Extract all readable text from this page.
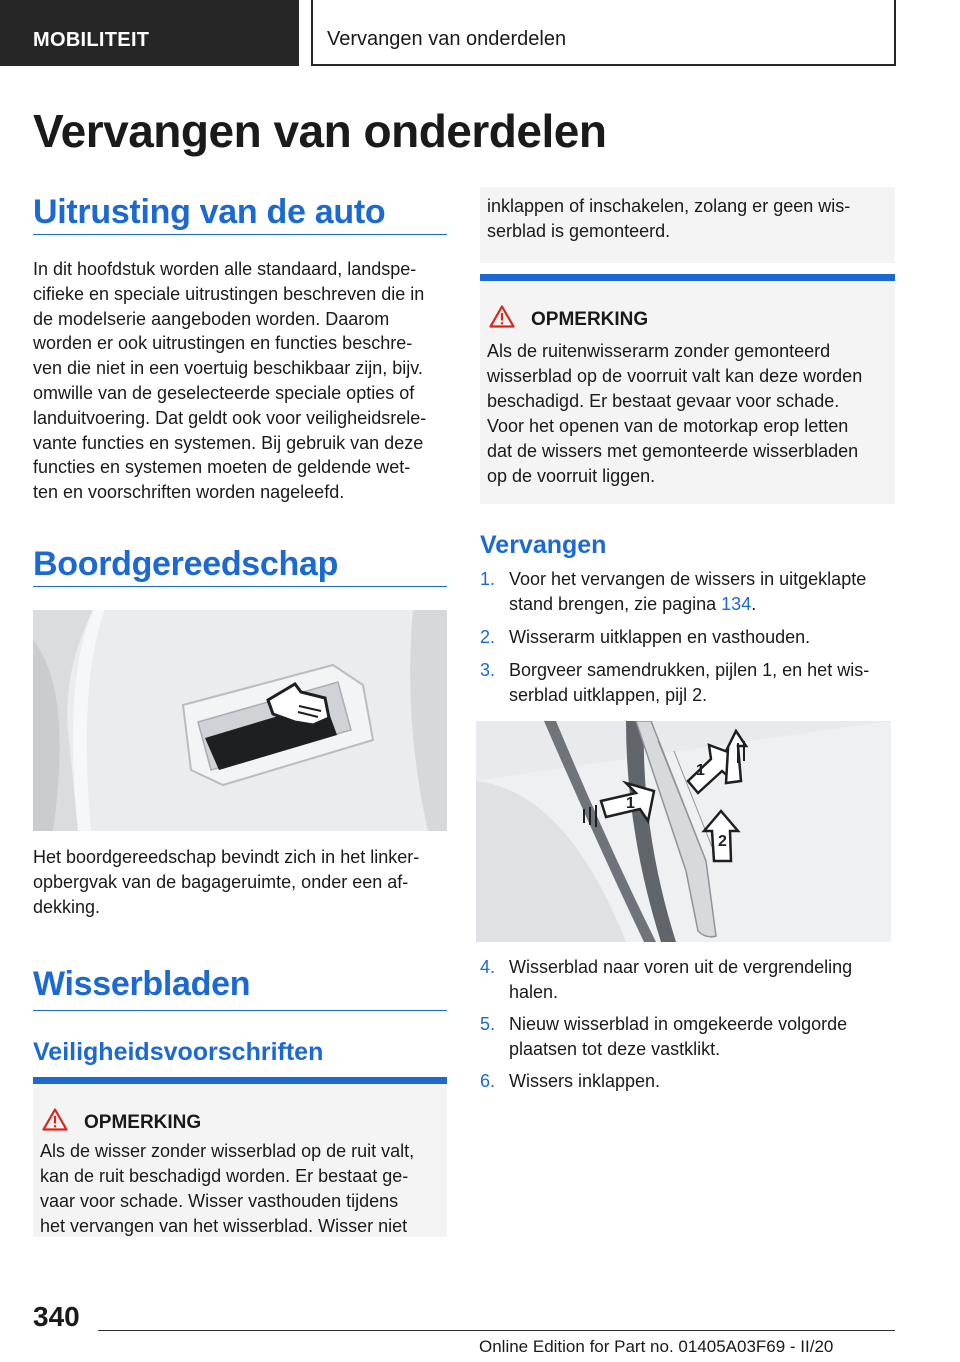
MOBILITEIT	Vervangen van onderdelen
Vervangen van onderdelen
Uitrusting van de auto
In dit hoofdstuk worden alle standaard, landspe-
cifieke en speciale uitrustingen beschreven die in
de modelserie aangeboden worden. Daarom
worden er ook uitrustingen en functies beschre-
ven die niet in een voertuig beschikbaar zijn, bijv.
omwille van de geselecteerde speciale opties of
landuitvoering. Dat geldt ook voor veiligheidsrele-
vante functies en systemen. Bij gebruik van deze
functies en systemen moeten de geldende wet-
ten en voorschriften worden nageleefd.
Boordgereedschap
Het boordgereedschap bevindt zich in het linker-
opbergvak van de bagageruimte, onder een af-
dekking.
Wisserbladen
Veiligheidsvoorschriften
OPMERKING
Als de wisser zonder wisserblad op de ruit valt,
kan de ruit beschadigd worden. Er bestaat ge-
vaar voor schade. Wisser vasthouden tijdens
het vervangen van het wisserblad. Wisser niet
inklappen of inschakelen, zolang er geen wis-
serblad is gemonteerd.
OPMERKING
Als de ruitenwisserarm zonder gemonteerd
wisserblad op de voorruit valt kan deze worden
beschadigd. Er bestaat gevaar voor schade.
Voor het openen van de motorkap erop letten
dat de wissers met gemonteerde wisserbladen
op de voorruit liggen.
Vervangen
1. Voor het vervangen de wissers in uitgeklapte
stand brengen, zie pagina 134.
2. Wisserarm uitklappen en vasthouden.
3. Borgveer samendrukken, pijlen 1, en het wis-
serblad uitklappen, pijl 2.
1
1
2
4. Wisserblad naar voren uit de vergrendeling
halen.
5. Nieuw wisserblad in omgekeerde volgorde
plaatsen tot deze vastklikt.
6. Wissers inklappen.
340
Online Edition for Part no. 01405A03F69 - II/20
